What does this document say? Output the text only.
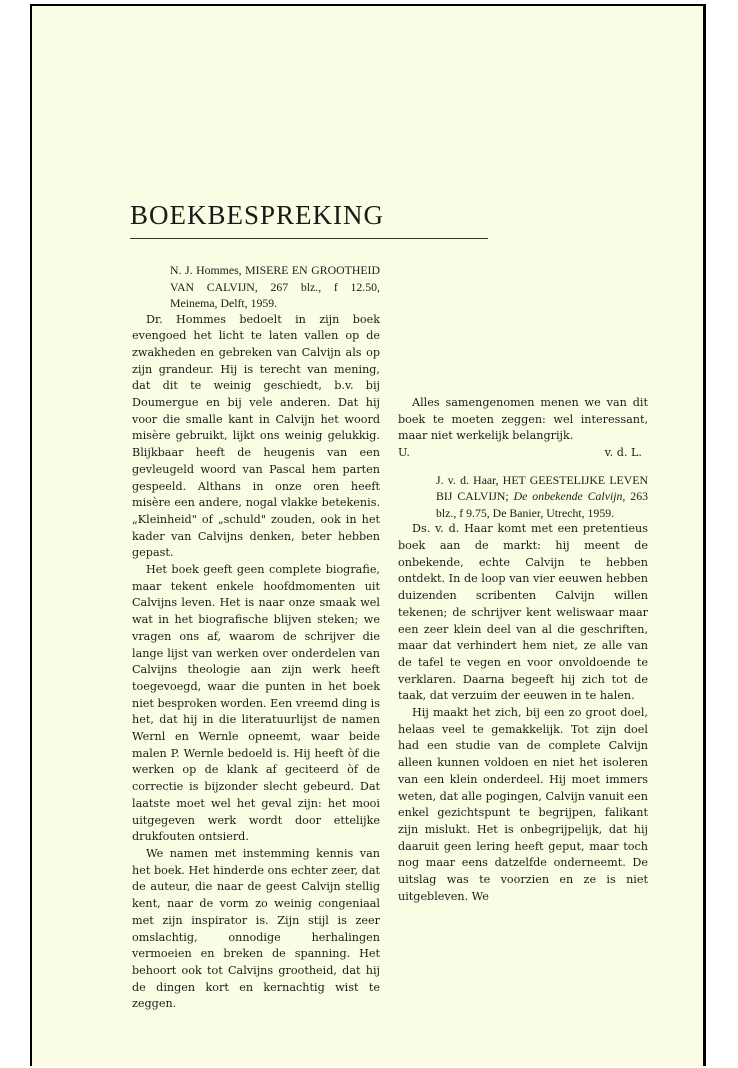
BOEKBESPREKING

N. J. Hommes, MISERE EN GROOTHEID VAN CALVIJN, 267 blz., f 12.50, Meinema, Delft, 1959.

Dr. Hommes bedoelt in zijn boek evengoed het licht te laten vallen op de zwakheden en gebreken van Calvijn als op zijn grandeur. Hij is terecht van mening, dat dit te weinig geschiedt, b.v. bij Doumergue en bij vele anderen. Dat hij voor die smalle kant in Calvijn het woord misère gebruikt, lijkt ons weinig gelukkig. Blijkbaar heeft de heugenis van een gevleugeld woord van Pascal hem parten gespeeld. Althans in onze oren heeft misère een andere, nogal vlakke betekenis. „Kleinheid" of „schuld" zouden, ook in het kader van Calvijns denken, beter hebben gepast.

Het boek geeft geen complete biografie, maar tekent enkele hoofdmomenten uit Calvijns leven. Het is naar onze smaak wel wat in het biografische blijven steken; we vragen ons af, waarom de schrijver die lange lijst van werken over onderdelen van Calvijns theologie aan zijn werk heeft toegevoegd, waar die punten in het boek niet besproken worden. Een vreemd ding is het, dat hij in die literatuurlijst de namen Wernl en Wernle opneemt, waar beide malen P. Wernle bedoeld is. Hij heeft òf die werken op de klank af geciteerd òf de correctie is bijzonder slecht gebeurd. Dat laatste moet wel het geval zijn: het mooi uitgegeven werk wordt door ettelijke drukfouten ontsierd.

We namen met instemming kennis van het boek. Het hinderde ons echter zeer, dat de auteur, die naar de geest Calvijn stellig kent, naar de vorm zo weinig congeniaal met zijn inspirator is. Zijn stijl is zeer omslachtig, onnodige herhalingen vermoeien en breken de spanning. Het behoort ook tot Calvijns grootheid, dat hij de dingen kort en kernachtig wist te zeggen.

Alles samengenomen menen we van dit boek te moeten zeggen: wel interessant, maar niet werkelijk belangrijk.

U.	v. d. L.

J. v. d. Haar, HET GEESTELIJKE LEVEN BIJ CALVIJN; De onbekende Calvijn, 263 blz., f 9.75, De Banier, Utrecht, 1959.

Ds. v. d. Haar komt met een pretentieus boek aan de markt: hij meent de onbekende, echte Calvijn te hebben ontdekt. In de loop van vier eeuwen hebben duizenden scribenten Calvijn willen tekenen; de schrijver kent weliswaar maar een zeer klein deel van al die geschriften, maar dat verhindert hem niet, ze alle van de tafel te vegen en voor onvoldoende te verklaren. Daarna begeeft hij zich tot de taak, dat verzuim der eeuwen in te halen.

Hij maakt het zich, bij een zo groot doel, helaas veel te gemakkelijk. Tot zijn doel had een studie van de complete Calvijn alleen kunnen voldoen en niet het isoleren van een klein onderdeel. Hij moet immers weten, dat alle pogingen, Calvijn vanuit een enkel gezichtspunt te begrijpen, falikant zijn mislukt. Het is onbegrijpelijk, dat hij daaruit geen lering heeft geput, maar toch nog maar eens datzelfde onderneemt. De uitslag was te voorzien en ze is niet uitgebleven. We
